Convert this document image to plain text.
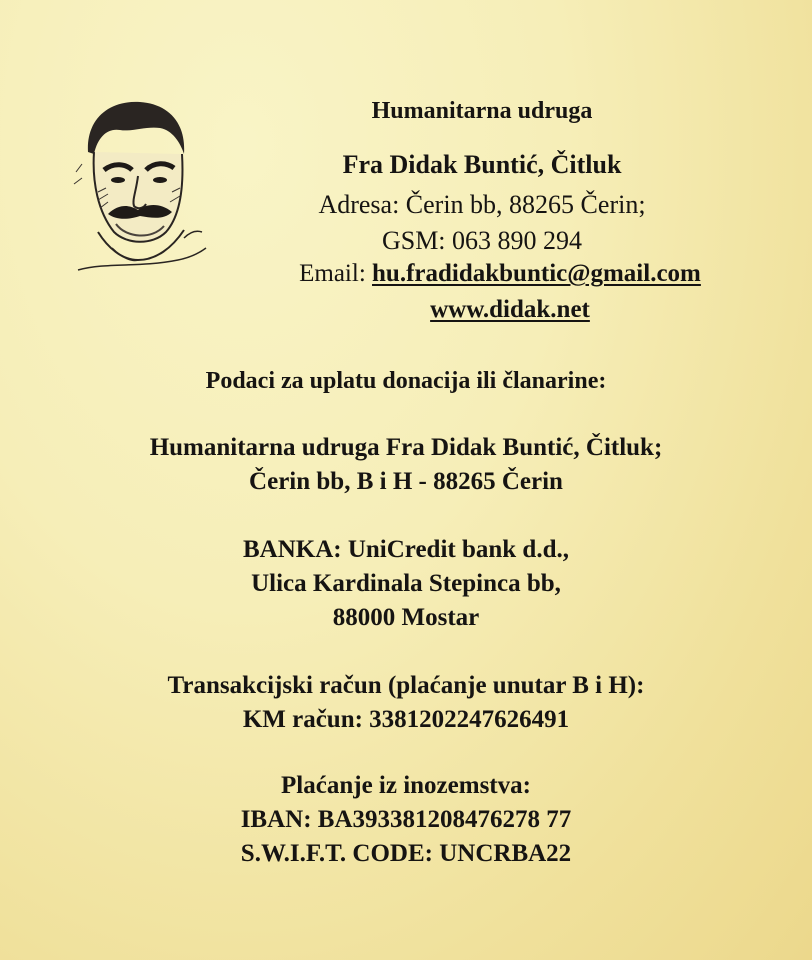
Humanitarna udruga
Fra Didak Buntić, Čitluk
Adresa: Čerin bb, 88265 Čerin;
GSM: 063 890 294
Email: hu.fradidakbuntic@gmail.com
www.didak.net
Podaci za uplatu donacija ili članarine:
Humanitarna udruga Fra Didak Buntić, Čitluk;
Čerin bb, B i H - 88265 Čerin
BANKA: UniCredit bank d.d.,
Ulica Kardinala Stepinca bb,
88000 Mostar
Transakcijski račun (plaćanje unutar B i H):
KM račun: 3381202247626491
Plaćanje iz inozemstva:
IBAN: BA393381208476278 77
S.W.I.F.T. CODE: UNCRBA22
